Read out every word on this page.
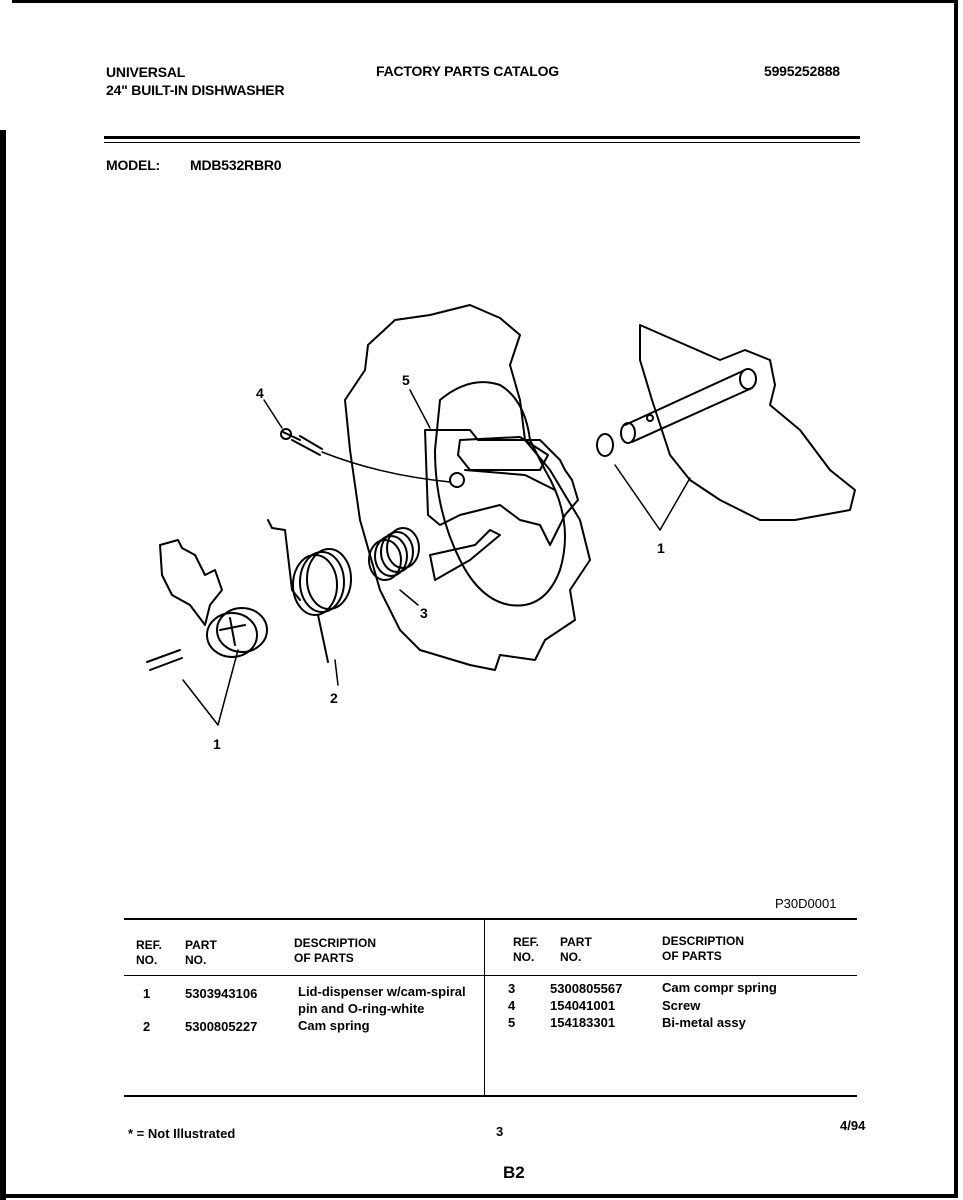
UNIVERSAL
24" BUILT-IN DISHWASHER
FACTORY PARTS CATALOG	5995252888
MODEL: MDB532RBR0
1
1
2
3
4
5
P30D0001
REF.
NO.
PART
NO.
DESCRIPTION
OF PARTS
REF.
NO.
PART
NO.
DESCRIPTION
OF PARTS
1	5303943106	Lid-dispenser w/cam-spiral
pin and O-ring-white
2	5300805227	Cam spring
3	5300805567	Cam compr spring
4	154041001	Screw
5	154183301	Bi-metal assy
* = Not Illustrated	3	4/94
B2
